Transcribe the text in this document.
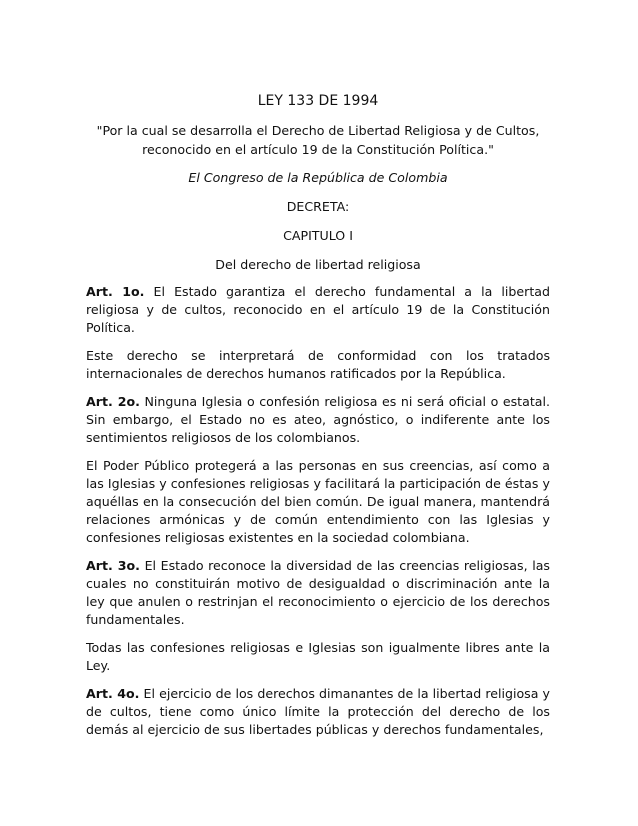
LEY 133 DE 1994
"Por la cual se desarrolla el Derecho de Libertad Religiosa y de Cultos,
reconocido en el artículo 19 de la Constitución Política."
El Congreso de la República de Colombia
DECRETA:
CAPITULO I
Del derecho de libertad religiosa

Art. 1o. El Estado garantiza el derecho fundamental a la libertad religiosa y de cultos, reconocido en el artículo 19 de la Constitución Política.

Este derecho se interpretará de conformidad con los tratados internacionales de derechos humanos ratificados por la República.

Art. 2o. Ninguna Iglesia o confesión religiosa es ni será oficial o estatal. Sin embargo, el Estado no es ateo, agnóstico, o indiferente ante los sentimientos religiosos de los colombianos.

El Poder Público protegerá a las personas en sus creencias, así como a las Iglesias y confesiones religiosas y facilitará la participación de éstas y aquéllas en la consecución del bien común. De igual manera, mantendrá relaciones armónicas y de común entendimiento con las Iglesias y confesiones religiosas existentes en la sociedad colombiana.

Art. 3o. El Estado reconoce la diversidad de las creencias religiosas, las cuales no constituirán motivo de desigualdad o discriminación ante la ley que anulen o restrinjan el reconocimiento o ejercicio de los derechos fundamentales.

Todas las confesiones religiosas e Iglesias son igualmente libres ante la Ley.

Art. 4o. El ejercicio de los derechos dimanantes de la libertad religiosa y de cultos, tiene como único límite la protección del derecho de los demás al ejercicio de sus libertades públicas y derechos fundamentales,
